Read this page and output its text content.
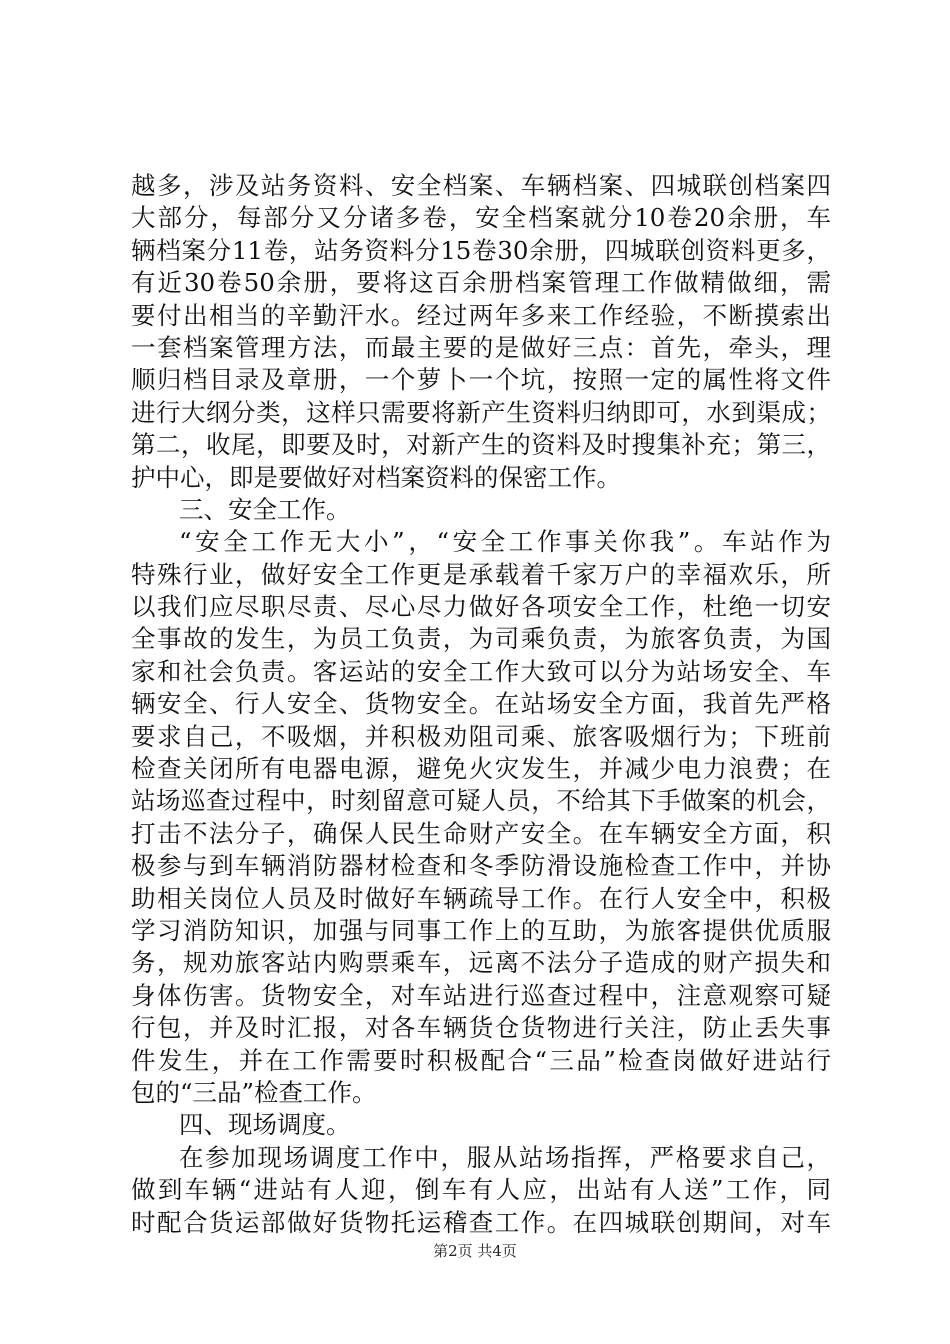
越多，涉及站务资料、安全档案、车辆档案、四城联创档案四
大部分，每部分又分诸多卷，安全档案就分10卷20余册，车
辆档案分11卷，站务资料分15卷30余册，四城联创资料更多，
有近30卷50余册，要将这百余册档案管理工作做精做细，需
要付出相当的辛勤汗水。经过两年多来工作经验，不断摸索出
一套档案管理方法，而最主要的是做好三点：首先，牵头，理
顺归档目录及章册，一个萝卜一个坑，按照一定的属性将文件
进行大纲分类，这样只需要将新产生资料归纳即可，水到渠成；
第二，收尾，即要及时，对新产生的资料及时搜集补充；第三，
护中心，即是要做好对档案资料的保密工作。
三、安全工作。
“安全工作无大小”，“安全工作事关你我”。车站作为
特殊行业，做好安全工作更是承载着千家万户的幸福欢乐，所
以我们应尽职尽责、尽心尽力做好各项安全工作，杜绝一切安
全事故的发生，为员工负责，为司乘负责，为旅客负责，为国
家和社会负责。客运站的安全工作大致可以分为站场安全、车
辆安全、行人安全、货物安全。在站场安全方面，我首先严格
要求自己，不吸烟，并积极劝阻司乘、旅客吸烟行为；下班前
检查关闭所有电器电源，避免火灾发生，并减少电力浪费；在
站场巡查过程中，时刻留意可疑人员，不给其下手做案的机会，
打击不法分子，确保人民生命财产安全。在车辆安全方面，积
极参与到车辆消防器材检查和冬季防滑设施检查工作中，并协
助相关岗位人员及时做好车辆疏导工作。在行人安全中，积极
学习消防知识，加强与同事工作上的互助，为旅客提供优质服
务，规劝旅客站内购票乘车，远离不法分子造成的财产损失和
身体伤害。货物安全，对车站进行巡查过程中，注意观察可疑
行包，并及时汇报，对各车辆货仓货物进行关注，防止丢失事
件发生，并在工作需要时积极配合“三品”检查岗做好进站行
包的“三品”检查工作。
四、现场调度。
在参加现场调度工作中，服从站场指挥，严格要求自己，
做到车辆“进站有人迎，倒车有人应，出站有人送”工作，同
时配合货运部做好货物托运稽查工作。在四城联创期间，对车
第2页 共4页
